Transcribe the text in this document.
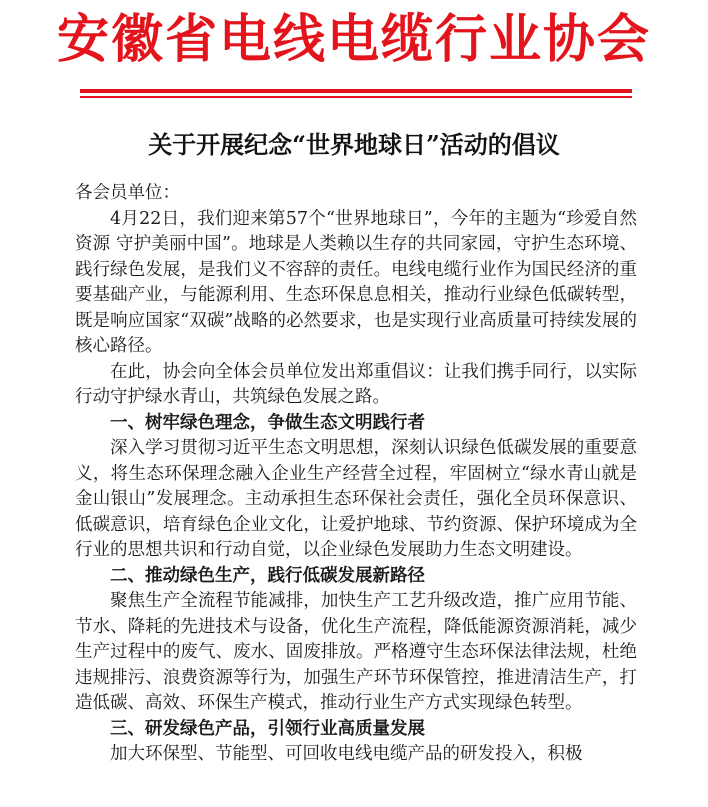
安徽省电线电缆行业协会
关于开展纪念“世界地球日”活动的倡议

各会员单位：

4月22日，我们迎来第57个“世界地球日”，今年的主题为“珍爱自然资源 守护美丽中国”。地球是人类赖以生存的共同家园，守护生态环境、践行绿色发展，是我们义不容辞的责任。电线电缆行业作为国民经济的重要基础产业，与能源利用、生态环保息息相关，推动行业绿色低碳转型，既是响应国家“双碳”战略的必然要求，也是实现行业高质量可持续发展的核心路径。

在此，协会向全体会员单位发出郑重倡议：让我们携手同行，以实际行动守护绿水青山，共筑绿色发展之路。

一、树牢绿色理念，争做生态文明践行者

深入学习贯彻习近平生态文明思想，深刻认识绿色低碳发展的重要意义，将生态环保理念融入企业生产经营全过程，牢固树立“绿水青山就是金山银山”发展理念。主动承担生态环保社会责任，强化全员环保意识、低碳意识，培育绿色企业文化，让爱护地球、节约资源、保护环境成为全行业的思想共识和行动自觉，以企业绿色发展助力生态文明建设。

二、推动绿色生产，践行低碳发展新路径

聚焦生产全流程节能减排，加快生产工艺升级改造，推广应用节能、节水、降耗的先进技术与设备，优化生产流程，降低能源资源消耗，减少生产过程中的废气、废水、固废排放。严格遵守生态环保法律法规，杜绝违规排污、浪费资源等行为，加强生产环节环保管控，推进清洁生产，打造低碳、高效、环保生产模式，推动行业生产方式实现绿色转型。

三、研发绿色产品，引领行业高质量发展

加大环保型、节能型、可回收电线电缆产品的研发投入，积极
